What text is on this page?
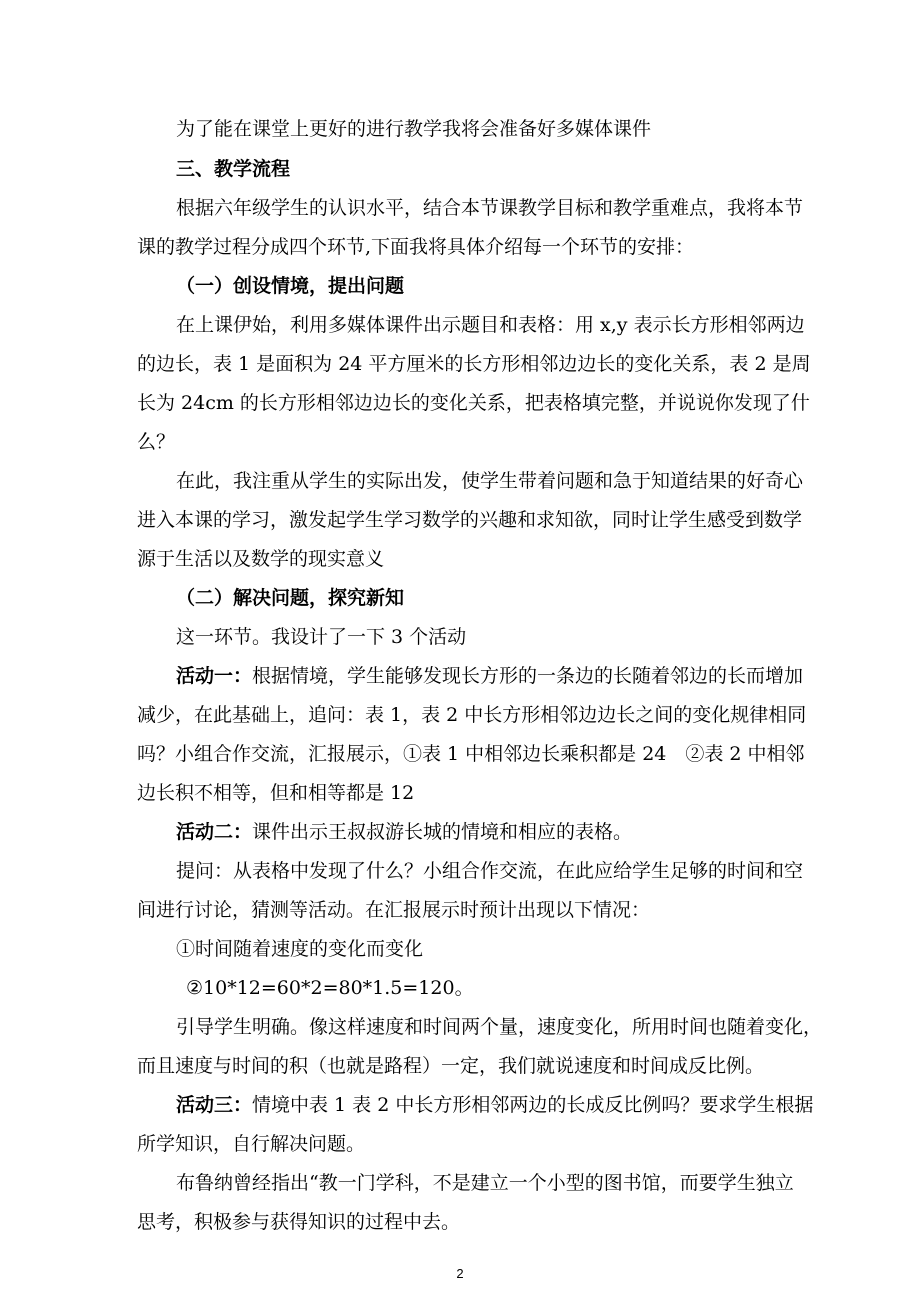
为了能在课堂上更好的进行教学我将会准备好多媒体课件

三、教学流程

根据六年级学生的认识水平，结合本节课教学目标和教学重难点，我将本节

课的教学过程分成四个环节,下面我将具体介绍每一个环节的安排：

（一）创设情境，提出问题

在上课伊始，利用多媒体课件出示题目和表格：用 x,y 表示长方形相邻两边

的边长，表 1 是面积为 24 平方厘米的长方形相邻边边长的变化关系，表 2 是周

长为 24cm 的长方形相邻边边长的变化关系，把表格填完整，并说说你发现了什

么？

在此，我注重从学生的实际出发，使学生带着问题和急于知道结果的好奇心

进入本课的学习，激发起学生学习数学的兴趣和求知欲，同时让学生感受到数学

源于生活以及数学的现实意义

（二）解决问题，探究新知

这一环节。我设计了一下 3 个活动

活动一：根据情境，学生能够发现长方形的一条边的长随着邻边的长而增加

减少，在此基础上，追问：表 1，表 2 中长方形相邻边边长之间的变化规律相同

吗？小组合作交流，汇报展示，①表 1 中相邻边长乘积都是 24　②表 2 中相邻

边长积不相等，但和相等都是 12

活动二：课件出示王叔叔游长城的情境和相应的表格。

提问：从表格中发现了什么？小组合作交流，在此应给学生足够的时间和空

间进行讨论，猜测等活动。在汇报展示时预计出现以下情况：

①时间随着速度的变化而变化

②10*12=60*2=80*1.5=120。

引导学生明确。像这样速度和时间两个量，速度变化，所用时间也随着变化，

而且速度与时间的积（也就是路程）一定，我们就说速度和时间成反比例。

活动三：情境中表 1 表 2 中长方形相邻两边的长成反比例吗？要求学生根据

所学知识，自行解决问题。

布鲁纳曾经指出“教一门学科，不是建立一个小型的图书馆，而要学生独立

思考，积极参与获得知识的过程中去。

2
